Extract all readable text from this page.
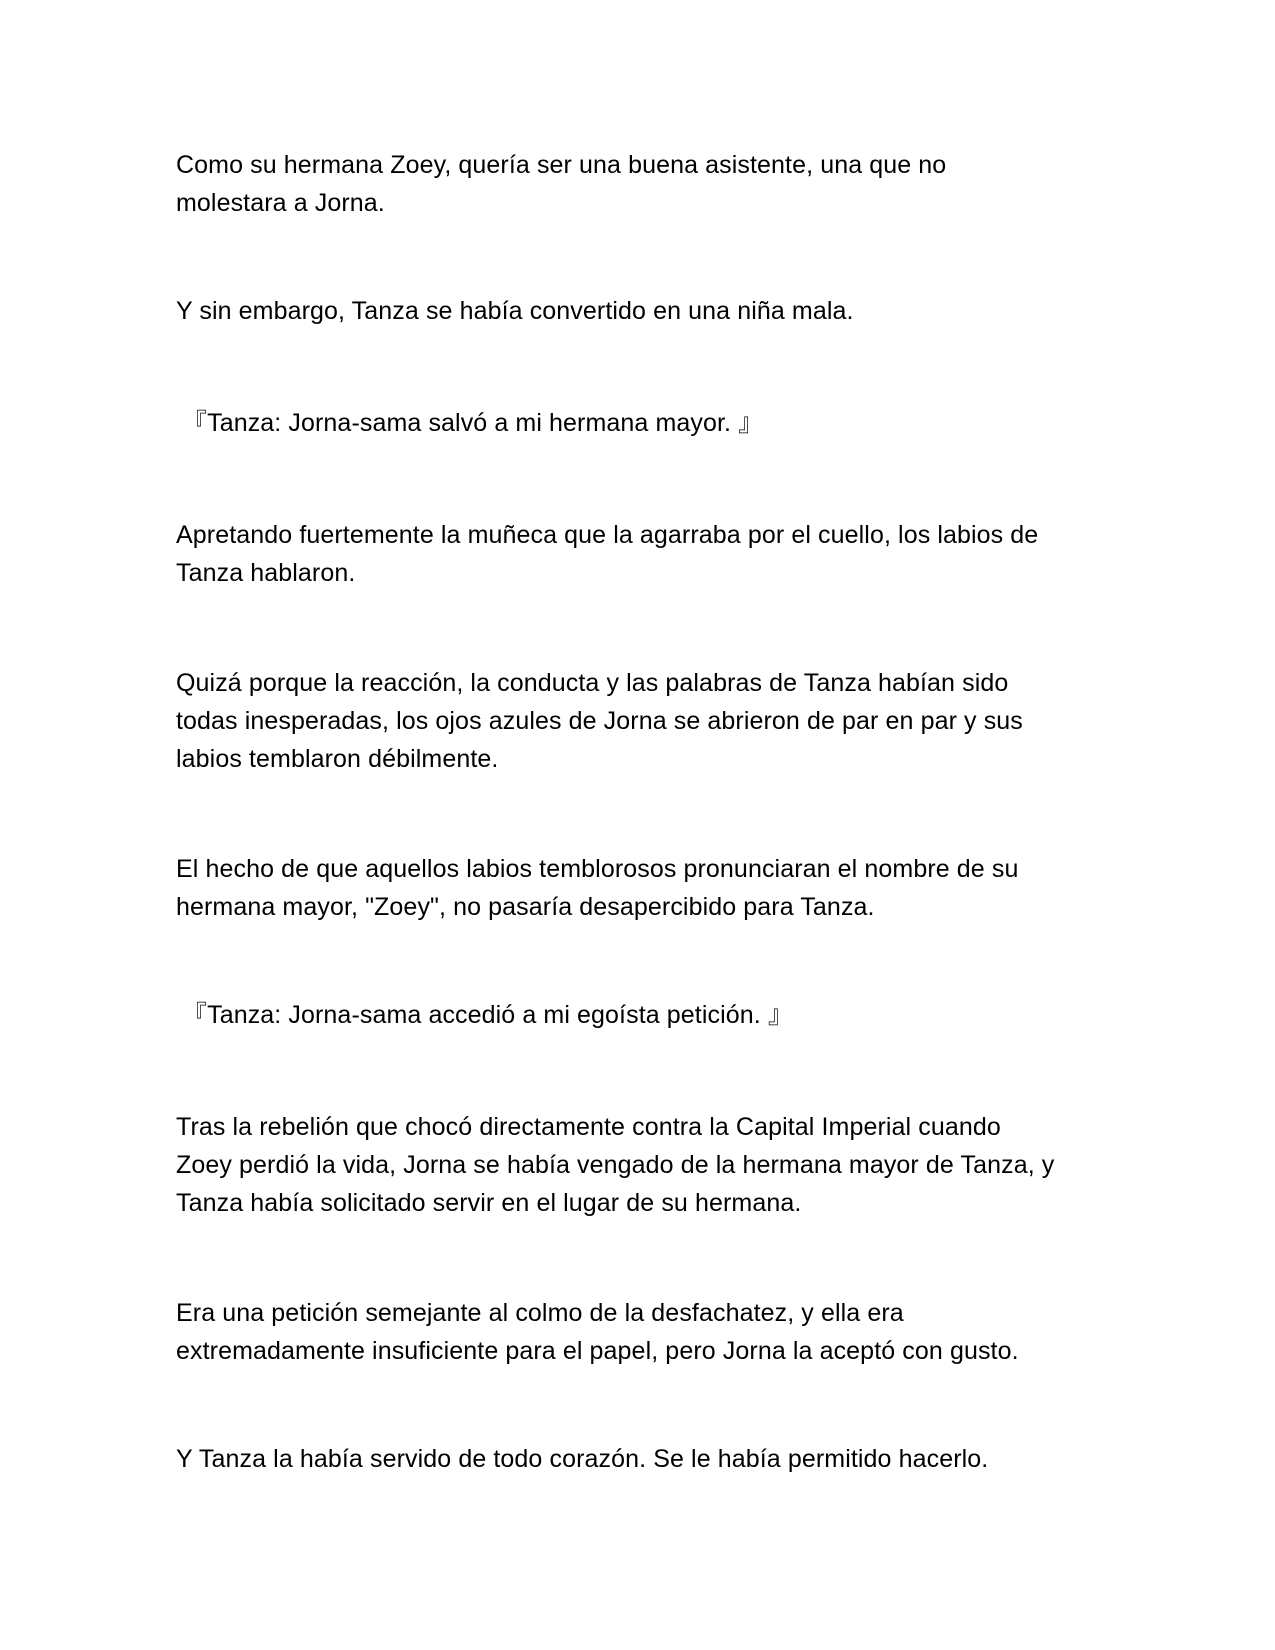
Como su hermana Zoey, quería ser una buena asistente, una que no
molestara a Jorna.

Y sin embargo, Tanza se había convertido en una niña mala.

『Tanza: Jorna-sama salvó a mi hermana mayor. 』

Apretando fuertemente la muñeca que la agarraba por el cuello, los labios de
Tanza hablaron.

Quizá porque la reacción, la conducta y las palabras de Tanza habían sido
todas inesperadas, los ojos azules de Jorna se abrieron de par en par y sus
labios temblaron débilmente.

El hecho de que aquellos labios temblorosos pronunciaran el nombre de su
hermana mayor, "Zoey", no pasaría desapercibido para Tanza.

『Tanza: Jorna-sama accedió a mi egoísta petición. 』

Tras la rebelión que chocó directamente contra la Capital Imperial cuando
Zoey perdió la vida, Jorna se había vengado de la hermana mayor de Tanza, y
Tanza había solicitado servir en el lugar de su hermana.

Era una petición semejante al colmo de la desfachatez, y ella era
extremadamente insuficiente para el papel, pero Jorna la aceptó con gusto.

Y Tanza la había servido de todo corazón. Se le había permitido hacerlo.
